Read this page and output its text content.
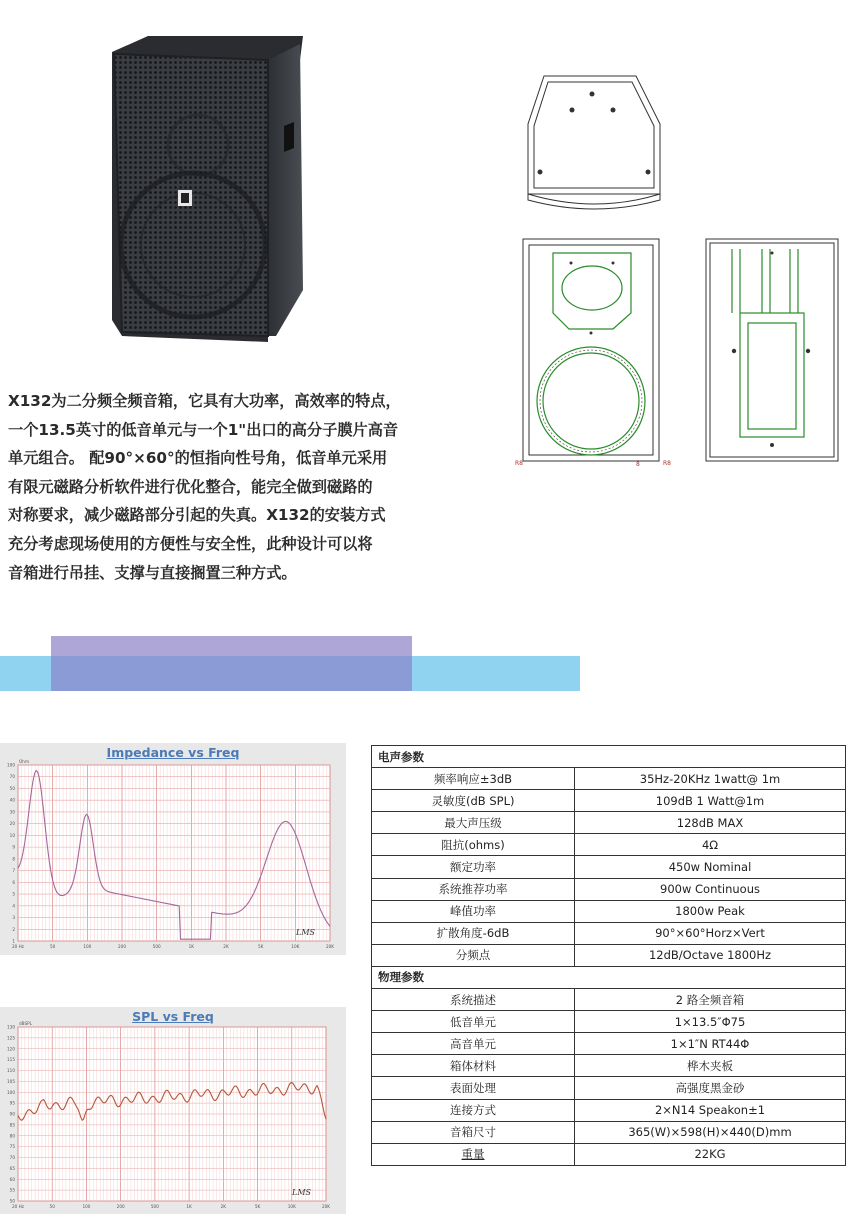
R8	8	R8

X132为二分频全频音箱，它具有大功率，高效率的特点，

一个13.5英寸的低音单元与一个1"出口的高分子膜片高音

单元组合。 配90°×60°的恒指向性号角，低音单元采用

有限元磁路分析软件进行优化整合，能完全做到磁路的

对称要求，减少磁路部分引起的失真。X132的安装方式

充分考虑现场使用的方便性与安全性，此种设计可以将

音箱进行吊挂、支撑与直接搁置三种方式。

20 Hz	50	100	200	500	1K	2K	5K	10K	20K
100
70
50
40
30
20
10
9
8
7
6
5
4
3
2
1
Ohm
LMS
Impedance vs Freq
20 Hz	50	100	200	500	1K	2K	5K	10K	20K
130
125
120
115
110
105
100
95
90
85
80
75
70
65
60
55
50
dBSPL
LMS
SPL vs Freq
电声参数	
频率响应±3dB	35Hz-20KHz 1watt@ 1m
灵敏度(dB SPL)	109dB 1 Watt@1m
最大声压级	128dB MAX
阻抗(ohms)	4Ω
额定功率	450w Nominal
系统推荐功率	900w Continuous
峰值功率	1800w Peak
扩散角度-6dB	90°×60°Horz×Vert
分频点	12dB/Octave 1800Hz
物理参数	
系统描述	2 路全频音箱
低音单元	1×13.5″Φ75
高音单元	1×1″N RT44Φ
箱体材料	桦木夹板
表面处理	高强度黑金砂
连接方式	2×N14 Speakon±1
音箱尺寸	365(W)×598(H)×440(D)mm
重量	22KG
